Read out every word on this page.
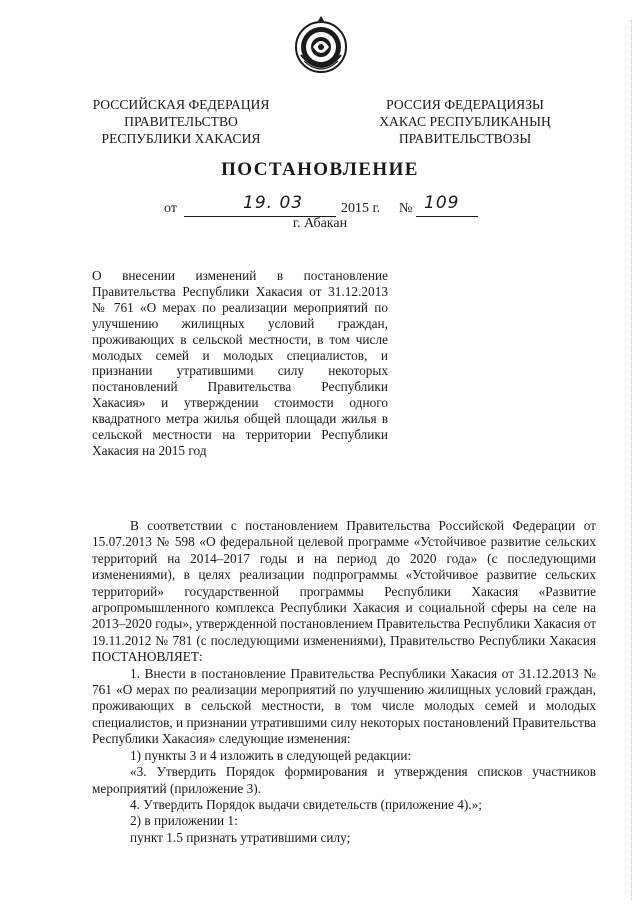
РОССИЙСКАЯ ФЕДЕРАЦИЯ
ПРАВИТЕЛЬСТВО
РЕСПУБЛИКИ ХАКАСИЯ
РОССИЯ ФЕДЕРАЦИЯЗЫ
ХАКАС РЕСПУБЛИКАНЫҢ
ПРАВИТЕЛЬСТВОЗЫ
ПОСТАНОВЛЕНИЕ
от	19. 03	2015 г. № 109
г. Абакан
О внесении изменений в постановление Правительства Республики Хакасия от 31.12.2013 № 761 «О мерах по реализации мероприятий по улучшению жилищных условий граждан, проживающих в сельской местности, в том числе молодых семей и молодых специалистов, и признании утратившими силу некоторых постановлений Правительства Республики Хакасия» и утверждении стоимости одного квадратного метра жилья общей площади жилья в сельской местности на территории Республики Хакасия на 2015 год

В соответствии с постановлением Правительства Российской Федерации от 15.07.2013 № 598 «О федеральной целевой программе «Устойчивое развитие сельских территорий на 2014–2017 годы и на период до 2020 года» (с последующими изменениями), в целях реализации подпрограммы «Устойчивое развитие сельских территорий» государственной программы Республики Хакасия «Развитие агропромышленного комплекса Республики Хакасия и социальной сферы на селе на 2013–2020 годы», утвержденной постановлением Правительства Республики Хакасия от 19.11.2012 № 781 (с последующими изменениями), Правительство Республики Хакасия ПОСТАНОВЛЯЕТ:

1. Внести в постановление Правительства Республики Хакасия от 31.12.2013 № 761 «О мерах по реализации мероприятий по улучшению жилищных условий граждан, проживающих в сельской местности, в том числе молодых семей и молодых специалистов, и признании утратившими силу некоторых постановлений Правительства Республики Хакасия» следующие изменения:

1) пункты 3 и 4 изложить в следующей редакции:

«3. Утвердить Порядок формирования и утверждения списков участников мероприятий (приложение 3).

4. Утвердить Порядок выдачи свидетельств (приложение 4).»;

2) в приложении 1:

пункт 1.5 признать утратившими силу;
